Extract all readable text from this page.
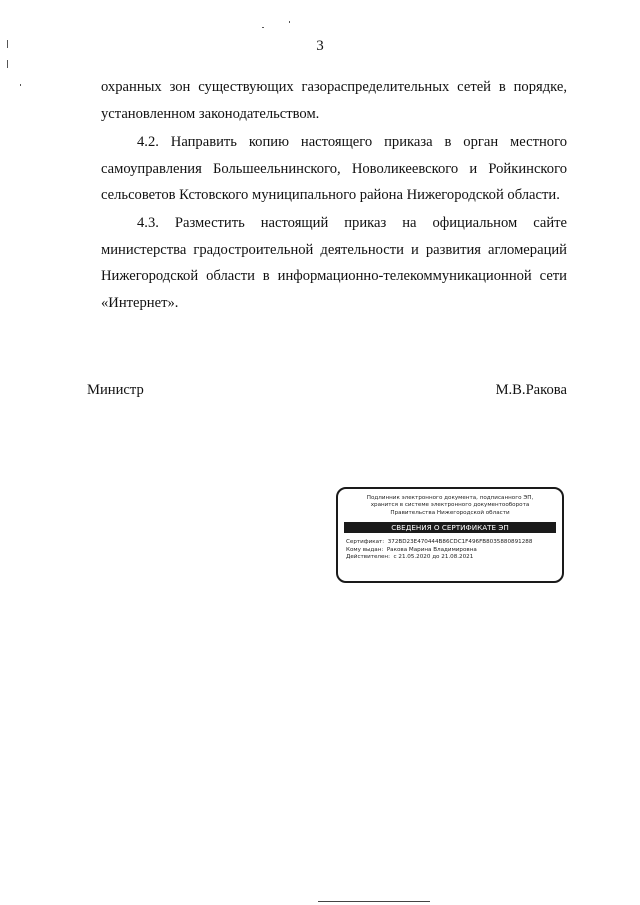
3
охранных зон существующих газораспределительных сетей в порядке,
установленном законодательством.
4.2. Направить копию настоящего приказа в орган местного
самоуправления Большеельнинского, Новоликеевского и Ройкинского
сельсоветов Кстовского муниципального района Нижегородской области.
4.3. Разместить настоящий приказ на официальном сайте
министерства градостроительной деятельности и развития агломераций
Нижегородской области в информационно-телекоммуникационной сети
«Интернет».
Министр	М.В.Ракова
Подлинник электронного документа, подписанного ЭП,
хранится в системе электронного документооборота
Правительства Нижегородской области
СВЕДЕНИЯ О СЕРТИФИКАТЕ ЭП
Сертификат:  372BD23E470444B86CDC1F496FB8035880891288
Кому выдан:  Ракова Марина Владимировна
Действителен:  с 21.05.2020 до 21.08.2021
